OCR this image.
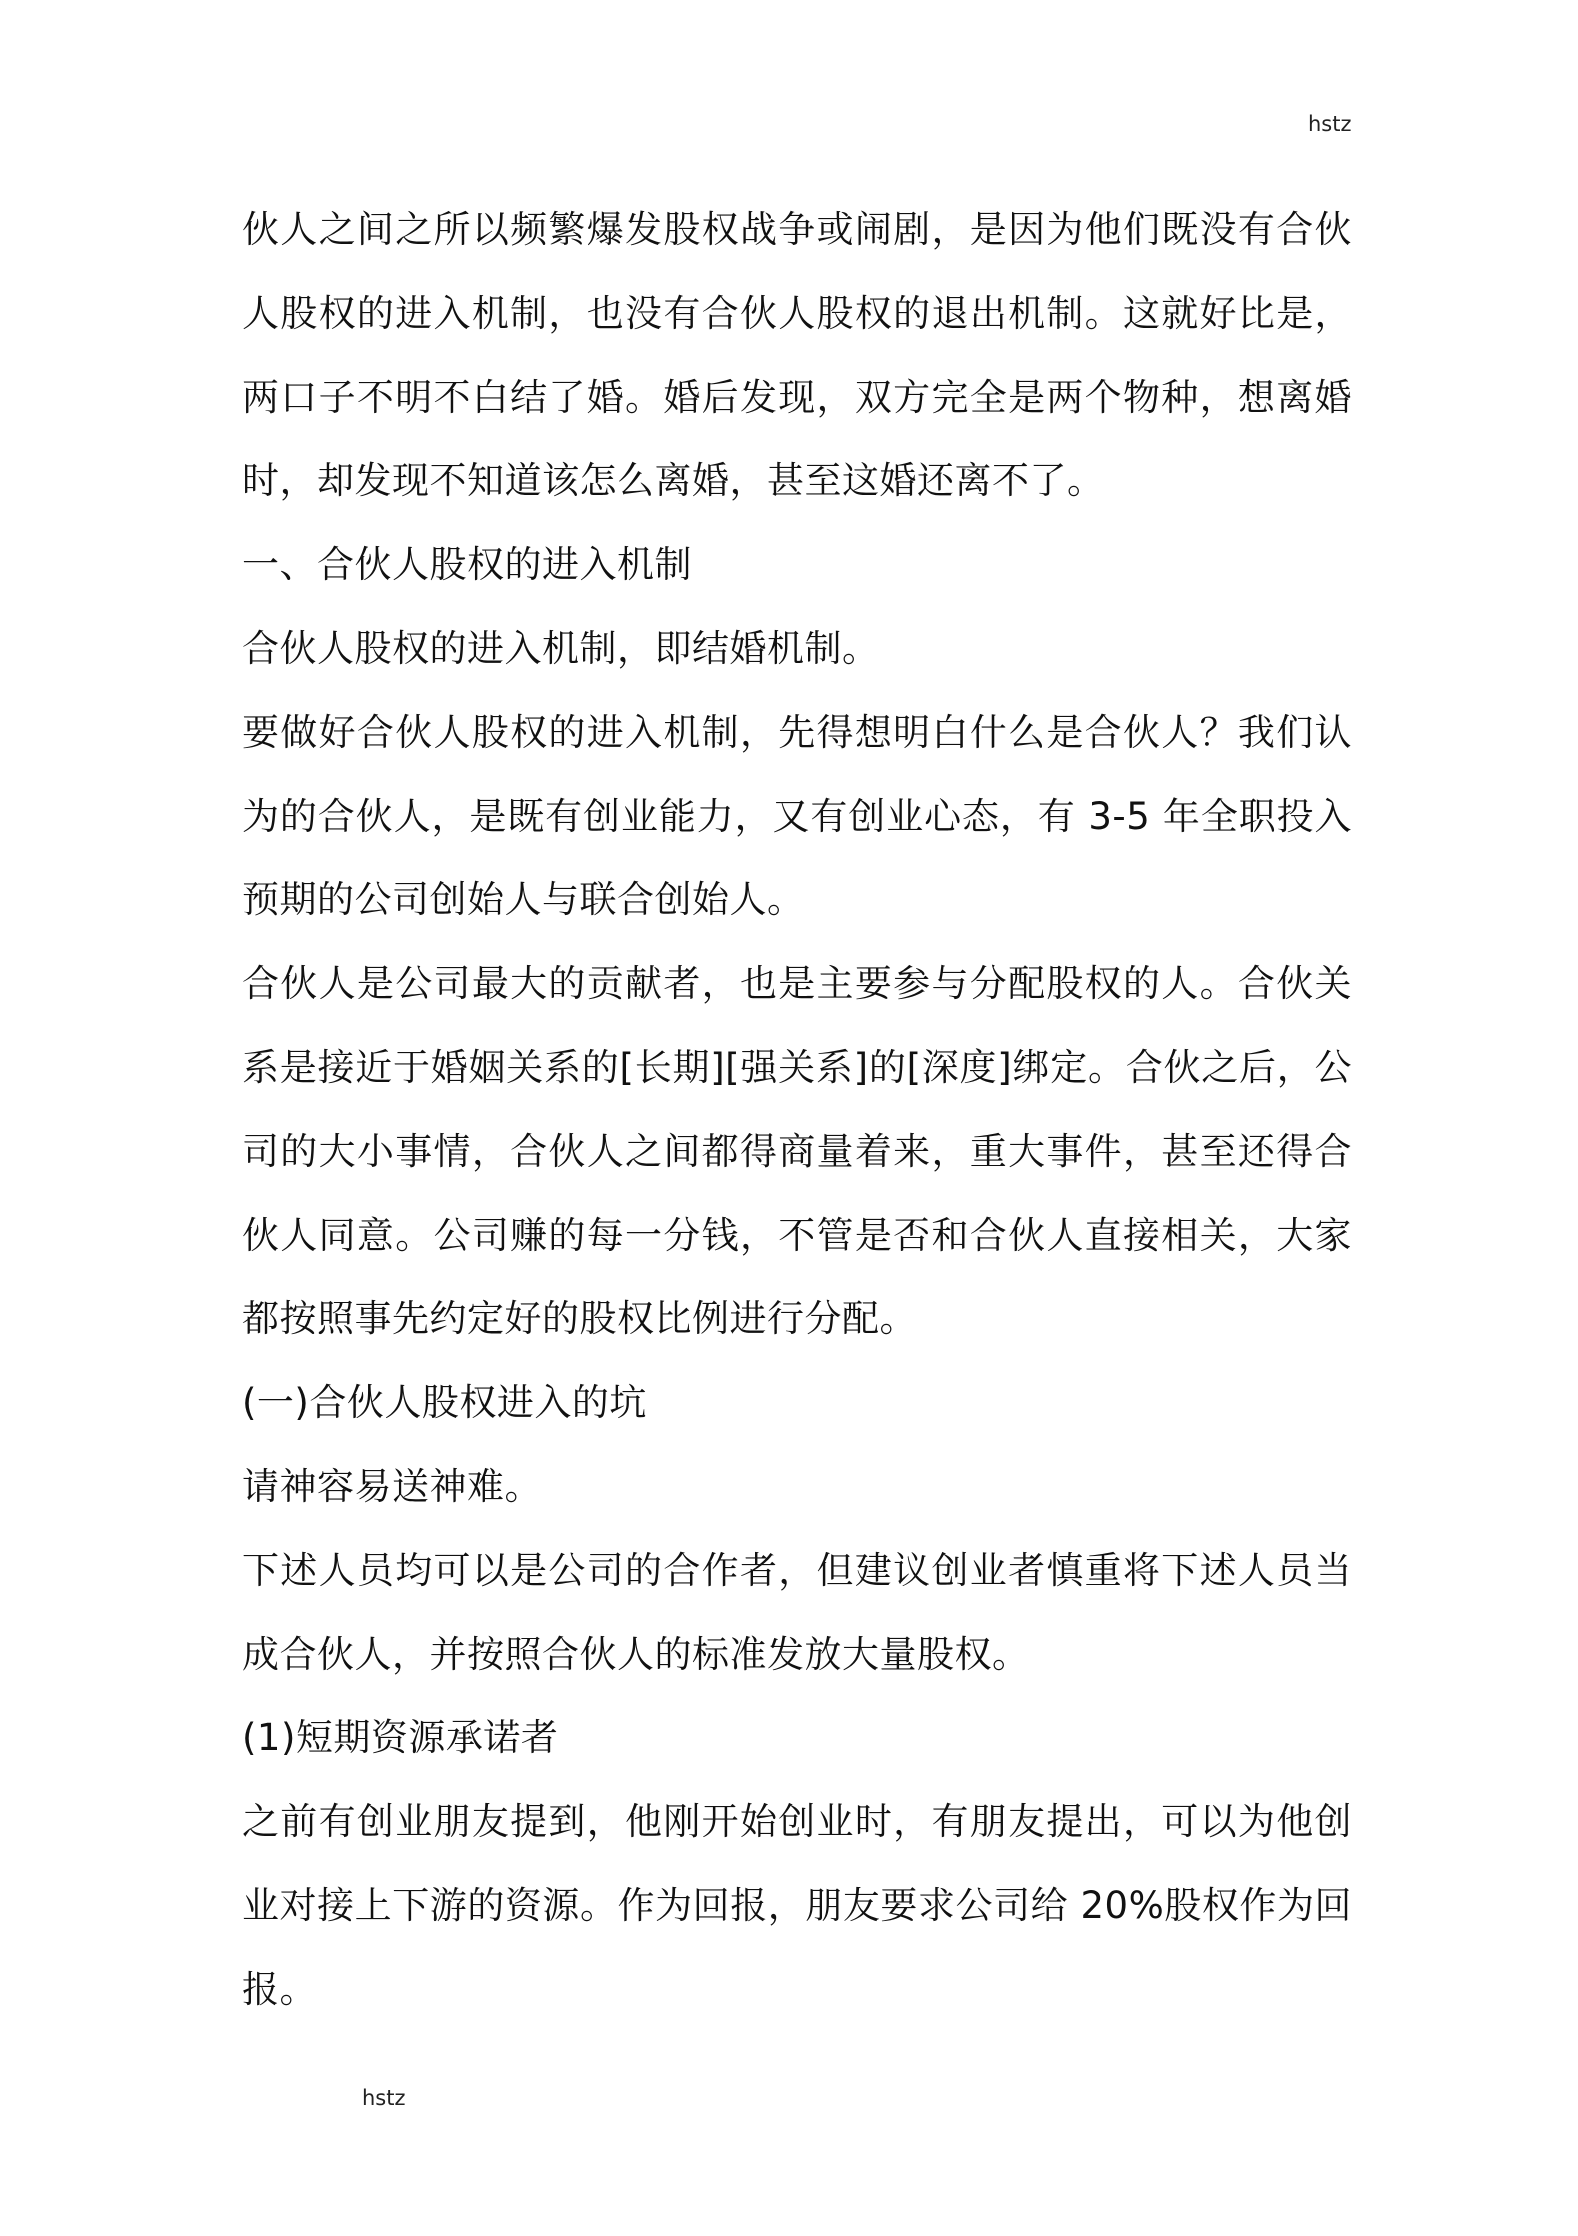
hstz
伙人之间之所以频繁爆发股权战争或闹剧，是因为他们既没有合伙
人股权的进入机制，也没有合伙人股权的退出机制。这就好比是，
两口子不明不白结了婚。婚后发现，双方完全是两个物种，想离婚
时，却发现不知道该怎么离婚，甚至这婚还离不了。
一、合伙人股权的进入机制
合伙人股权的进入机制，即结婚机制。
要做好合伙人股权的进入机制，先得想明白什么是合伙人？我们认
为的合伙人，是既有创业能力，又有创业心态，有 3-5 年全职投入
预期的公司创始人与联合创始人。
合伙人是公司最大的贡献者，也是主要参与分配股权的人。合伙关
系是接近于婚姻关系的[长期][强关系]的[深度]绑定。合伙之后，公
司的大小事情，合伙人之间都得商量着来，重大事件，甚至还得合
伙人同意。公司赚的每一分钱，不管是否和合伙人直接相关，大家
都按照事先约定好的股权比例进行分配。
(一)合伙人股权进入的坑
请神容易送神难。
下述人员均可以是公司的合作者，但建议创业者慎重将下述人员当
成合伙人，并按照合伙人的标准发放大量股权。
(1)短期资源承诺者
之前有创业朋友提到，他刚开始创业时，有朋友提出，可以为他创
业对接上下游的资源。作为回报，朋友要求公司给 20%股权作为回
报。
hstz
